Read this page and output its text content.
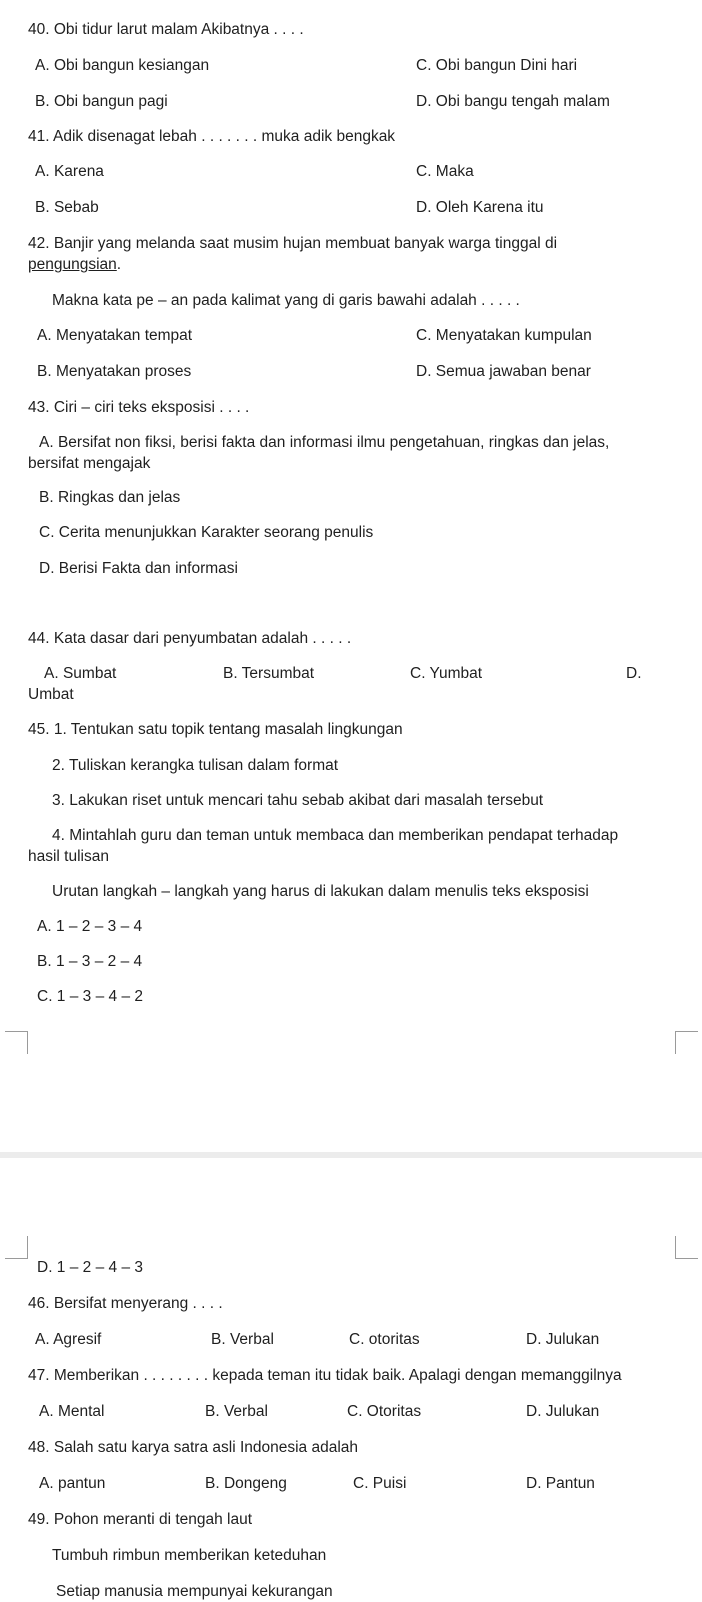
40. Obi tidur larut malam Akibatnya . . . .
A. Obi bangun kesiangan	C. Obi bangun Dini hari
B. Obi bangun pagi	D. Obi bangu tengah malam
41. Adik disenagat lebah . . . . . . . muka adik bengkak
A. Karena	C. Maka
B. Sebab	D. Oleh Karena itu
42. Banjir yang melanda saat musim hujan membuat banyak warga tinggal di
pengungsian.
Makna kata pe – an pada kalimat yang di garis bawahi adalah . . . . .
A. Menyatakan tempat	C. Menyatakan kumpulan
B. Menyatakan proses	D. Semua jawaban benar
43. Ciri – ciri teks eksposisi . . . .
A. Bersifat non fiksi, berisi fakta dan informasi ilmu pengetahuan, ringkas dan jelas,
bersifat mengajak
B. Ringkas dan jelas
C. Cerita menunjukkan Karakter seorang penulis
D. Berisi Fakta dan informasi
44. Kata dasar dari penyumbatan adalah . . . . .
A. Sumbat	B. Tersumbat	C. Yumbat	D.
Umbat
45. 1. Tentukan satu topik tentang masalah lingkungan
2. Tuliskan kerangka tulisan dalam format
3. Lakukan riset untuk mencari tahu sebab akibat dari masalah tersebut
4. Mintahlah guru dan teman untuk membaca dan memberikan pendapat terhadap
hasil tulisan
Urutan langkah – langkah yang harus di lakukan dalam menulis teks eksposisi
A. 1 – 2 – 3 – 4
B. 1 – 3 – 2 – 4
C. 1 – 3 – 4 – 2
D. 1 – 2 – 4 – 3
46. Bersifat menyerang . . . .
A. Agresif	B. Verbal	C. otoritas	D. Julukan
47. Memberikan . . . . . . . . kepada teman itu tidak baik. Apalagi dengan memanggilnya
A. Mental	B. Verbal	C. Otoritas	D. Julukan
48. Salah satu karya satra asli Indonesia adalah
A. pantun	B. Dongeng	C. Puisi	D. Pantun
49. Pohon meranti di tengah laut
Tumbuh rimbun memberikan keteduhan
Setiap manusia mempunyai kekurangan
